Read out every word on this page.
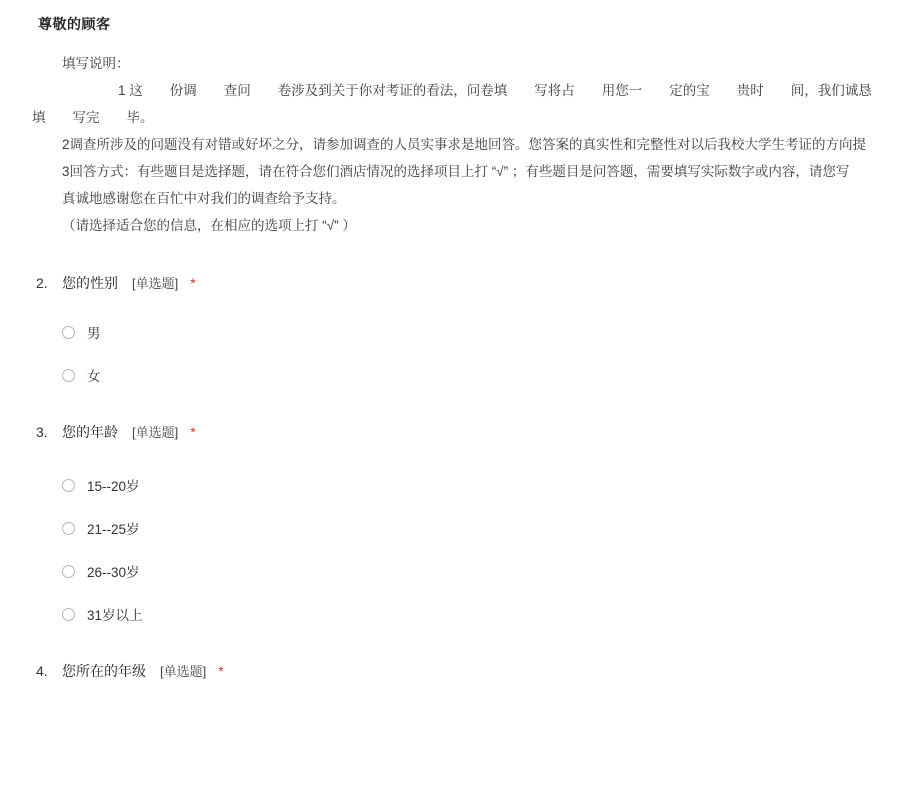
尊敬的顾客
填写说明：
1 这　　份调　　查问　　卷涉及到关于你对考证的看法，问卷填　　写将占　　用您一　　定的宝　　贵时　　间，我们诚恳
填　　写完　　毕。
2调查所涉及的问题没有对错或好坏之分，请参加调查的人员实事求是地回答。您答案的真实性和完整性对以后我校大学生考证的方向提
3回答方式：有些题目是选择题，请在符合您们酒店情况的选择项目上打 “√” ；有些题目是问答题，需要填写实际数字或内容，请您写
真诚地感谢您在百忙中对我们的调查给予支持。
（请选择适合您的信息，在相应的选项上打 “√” ）
2.	您的性别 [单选题] *
男
女
3.	您的年龄 [单选题] *
15--20岁
21--25岁
26--30岁
31岁以上
4.	您所在的年级 [单选题] *
